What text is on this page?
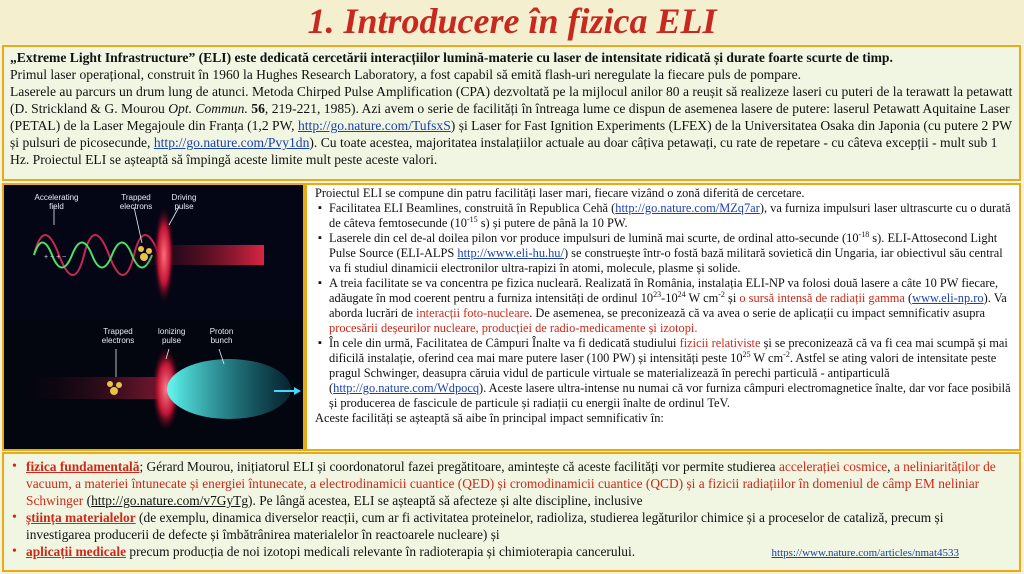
1. Introducere în fizica ELI

„Extreme Light Infrastructure” (ELI) este dedicată cercetării interacțiilor lumină-materie cu laser de intensitate ridicată și durate foarte scurte de timp.

Primul laser operațional, construit în 1960 la Hughes Research Laboratory, a fost capabil să emită flash-uri neregulate la fiecare puls de pompare.

Laserele au parcurs un drum lung de atunci. Metoda Chirped Pulse Amplification (CPA) dezvoltată pe la mijlocul anilor 80 a reușit să realizeze laseri cu puteri de la terawatt la petawatt (D. Strickland & G. Mourou Opt. Commun. 56, 219-221, 1985). Azi avem o serie de facilități în întreaga lume ce dispun de asemenea lasere de putere: laserul Petawatt Aquitaine Laser (PETAL) de la Laser Megajoule din Franța (1,2 PW, http://go.nature.com/TufsxS) și Laser for Fast Ignition Experiments (LFEX) de la Universitatea Osaka din Japonia (cu putere 2 PW și pulsuri de picosecunde, http://go.nature.com/Pvy1dn). Cu toate acestea, majoritatea instalațiilor actuale au doar câțiva petawați, cu rate de repetare - cu câteva excepții - mult sub 1 Hz. Proiectul ELI se așteaptă să împingă aceste limite mult peste aceste valori.

+ − + −
Accelerating field
Trapped electrons
Driving pulse
Trapped electrons
Ionizing pulse
Proton bunch
Proiectul ELI se compune din patru facilități laser mari, fiecare vizând o zonă diferită de cercetare.
▪ Facilitatea ELI Beamlines, construită în Republica Cehă (http://go.nature.com/MZq7ar), va furniza impulsuri laser ultrascurte cu o durată de câteva femtosecunde ($10^{-15}$ s) și putere de până la 10 PW.
▪ Laserele din cel de-al doilea pilon vor produce impulsuri de lumină mai scurte, de ordinal atto-secunde ($10^{-18}$ s). ELI-Attosecond Light Pulse Source (ELI-ALPS http://www.eli-hu.hu/) se construește într-o fostă bază militară sovietică din Ungaria, iar obiectivul său central va fi studiul dinamicii electronilor ultra-rapizi în atomi, molecule, plasme și solide.
▪ A treia facilitate se va concentra pe fizica nucleară. Realizată în România, instalația ELI-NP va folosi două lasere a câte 10 PW fiecare, adăugate în mod coerent pentru a furniza intensități de ordinul $10^{23}-10^{24}$ W $cm^{-2}$ și o sursă intensă de radiații gamma (www.eli-np.ro). Va aborda lucrări de interacții foto-nucleare. De asemenea, se preconizează că va avea o serie de aplicații cu impact semnificativ asupra procesării deșeurilor nucleare, producției de radio-medicamente și izotopi.
▪ În cele din urmă, Facilitatea de Câmpuri Înalte va fi dedicată studiului fizicii relativiste și se preconizează că va fi cea mai scumpă și mai dificilă instalație, oferind cea mai mare putere laser (100 PW) și intensități peste $10^{25}$ W $cm^{-2}$. Astfel se ating valori de intensitate peste pragul Schwinger, deasupra căruia vidul de particule virtuale se materializează în perechi particulă - antiparticulă (http://go.nature.com/Wdpocq). Aceste lasere ultra-intense nu numai că vor furniza câmpuri electromagnetice înalte, dar vor face posibilă și producerea de fascicule de particule și radiații cu energii înalte de ordinul TeV.
Aceste facilități se așteaptă să aibe în principal impact semnificativ în:
• fizica fundamentală; Gérard Mourou, inițiatorul ELI și coordonatorul fazei pregătitoare, amintește că aceste facilități vor permite studierea accelerației cosmice, a neliniarităților de vacuum, a materiei întunecate și energiei întunecate, a electrodinamicii cuantice (QED) și cromodinamicii cuantice (QCD) și a fizicii radiațiilor în domeniul de câmp EM neliniar Schwinger (http://go.nature.com/v7GyTg). Pe lângă acestea, ELI se așteaptă să afecteze și alte discipline, inclusive
• știința materialelor (de exemplu, dinamica diverselor reacții, cum ar fi activitatea proteinelor, radioliza, studierea legăturilor chimice și a proceselor de cataliză, precum și investigarea producerii de defecte și îmbătrânirea materialelor în reactoarele nucleare) și
• aplicații medicale precum producția de noi izotopi medicali relevante în radioterapia și chimioterapia cancerului.	https://www.nature.com/articles/nmat4533
